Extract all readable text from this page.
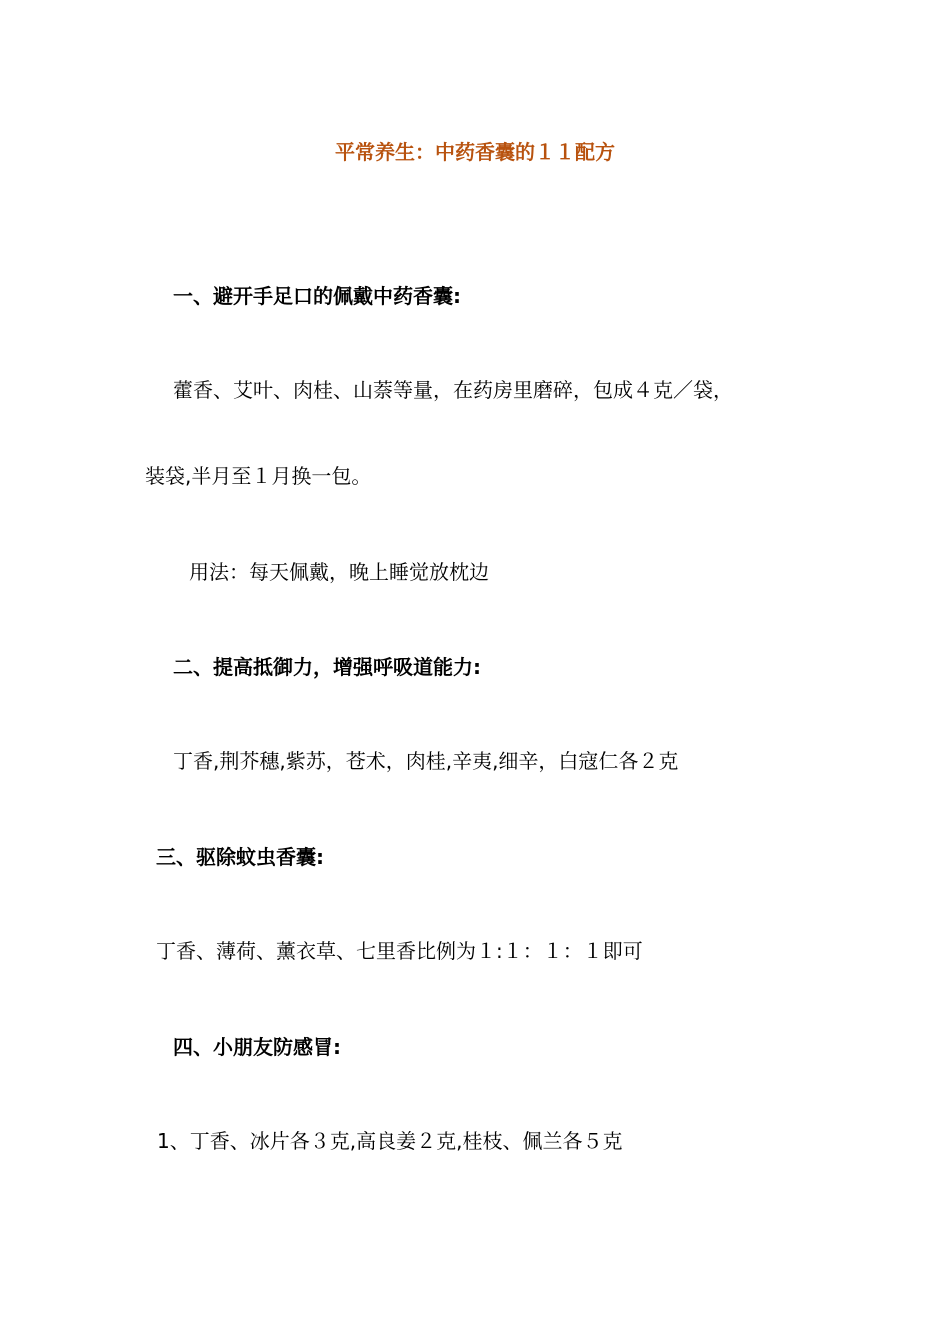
平常养生：中药香囊的１１配方
一、避开手足口的佩戴中药香囊:
藿香、艾叶、肉桂、山萘等量，在药房里磨碎，包成４克／袋，
装袋,半月至１月换一包。
用法：每天佩戴，晚上睡觉放枕边
二、提高抵御力，增强呼吸道能力:
丁香,荆芥穗,紫苏，苍术，肉桂,辛夷,细辛，白寇仁各２克
三、驱除蚊虫香囊:
丁香、薄荷、薰衣草、七里香比例为１:１：１：１即可
四、小朋友防感冒:
1、丁香、冰片各３克,高良姜２克,桂枝、佩兰各５克
